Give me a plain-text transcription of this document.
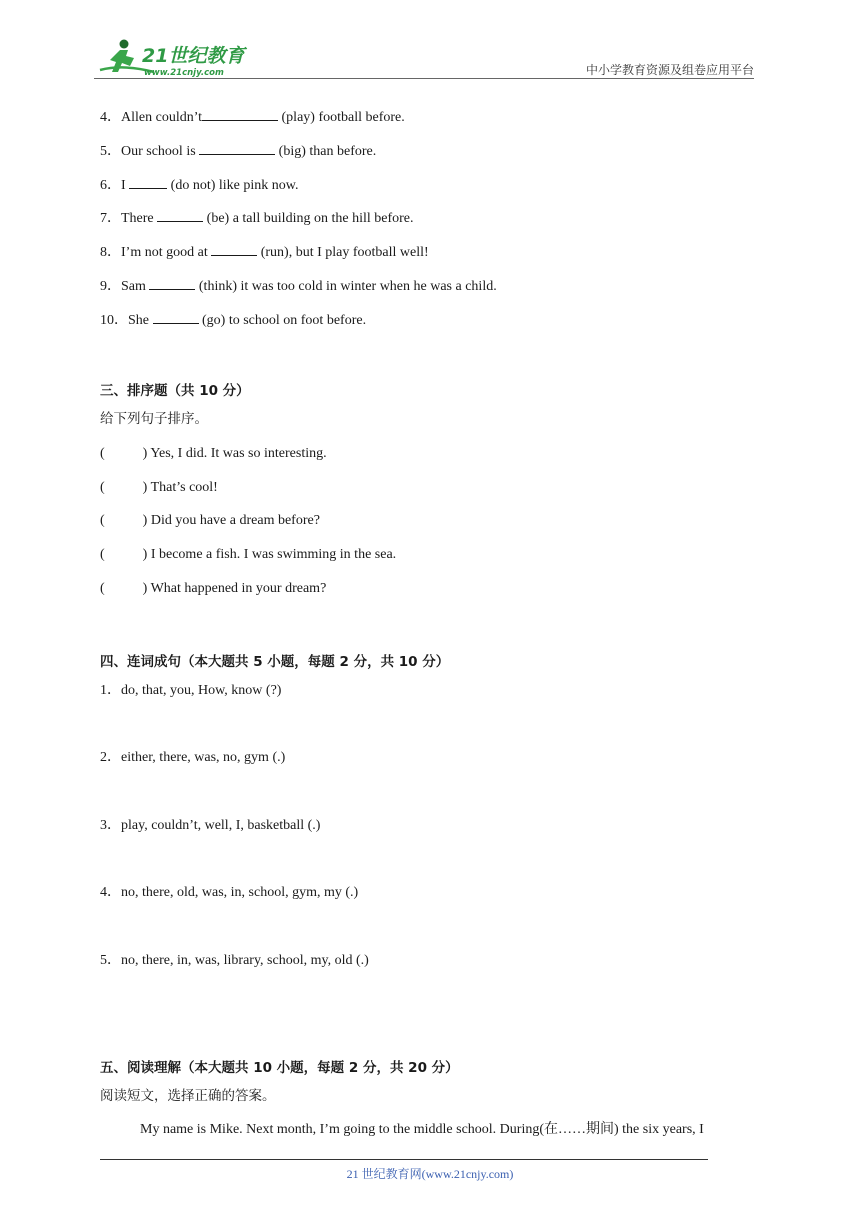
21世纪教育
www.21cnjy.com	中小学教育资源及组卷应用平台
4．Allen couldn’t	(play) football before.
5．Our school is	(big) than before.
6．I	(do not) like pink now.
7．There	(be) a tall building on the hill before.
8．I’m not good at	(run), but I play football well!
9．Sam	(think) it was too cold in winter when he was a child.
10．She	(go) to school on foot before.
三、排序题（共 10 分）
给下列句子排序。
(	) Yes, I did. It was so interesting.
(	) That’s cool!
(	) Did you have a dream before?
(	) I become a fish. I was swimming in the sea.
(	) What happened in your dream?
四、连词成句（本大题共 5 小题，每题 2 分，共 10 分）
1．do, that, you, How, know (?)
2．either, there, was, no, gym (.)
3．play, couldn’t, well, I, basketball (.)
4．no, there, old, was, in, school, gym, my (.)
5．no, there, in, was, library, school, my, old (.)
五、阅读理解（本大题共 10 小题，每题 2 分，共 20 分）
阅读短文，选择正确的答案。
My name is Mike. Next month, I’m going to the middle school. During(在……期间) the six years, I
21 世纪教育网(www.21cnjy.com)
